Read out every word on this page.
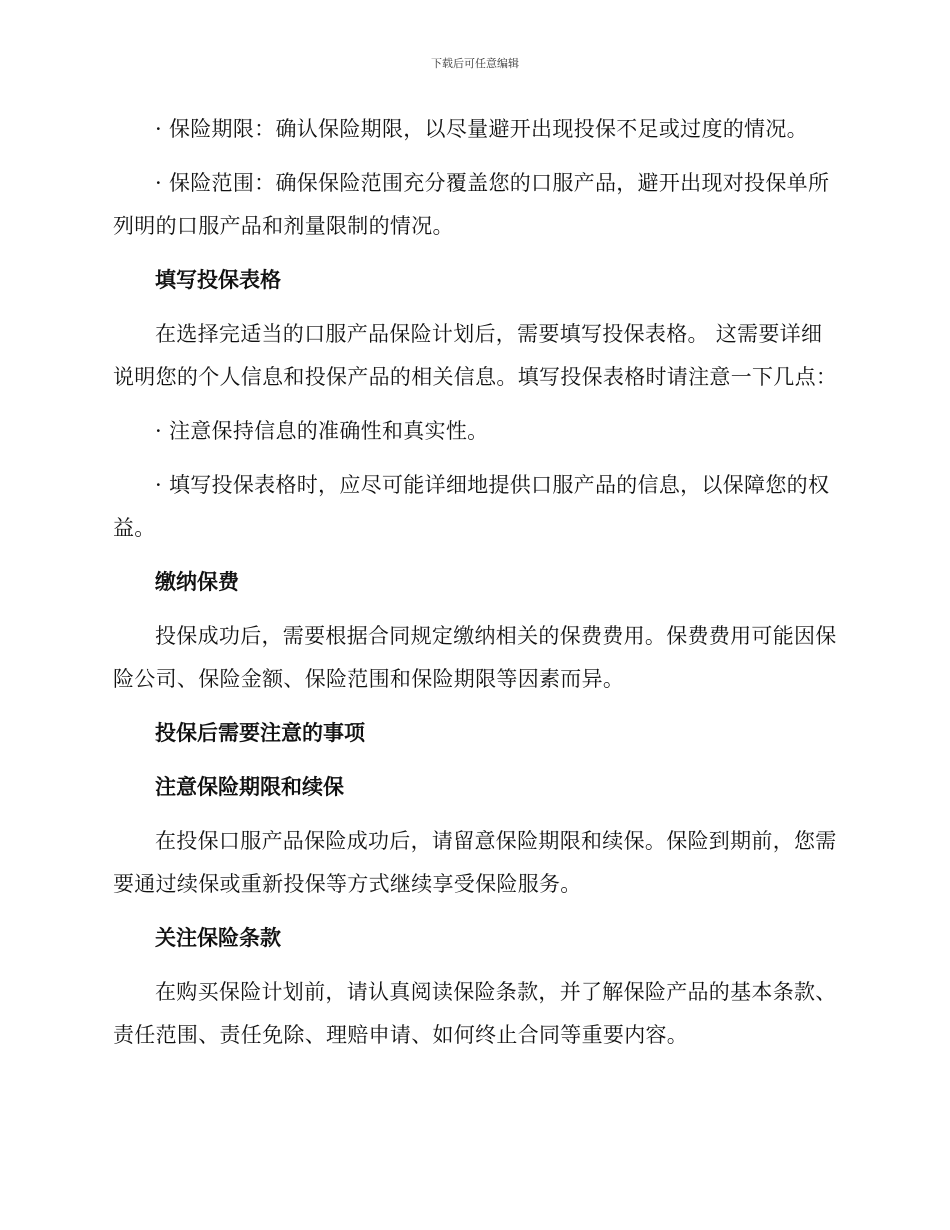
下载后可任意编辑

· 保险期限：确认保险期限，以尽量避开出现投保不足或过度的情况。

· 保险范围：确保保险范围充分覆盖您的口服产品，避开出现对投保单所列明的口服产品和剂量限制的情况。

填写投保表格

在选择完适当的口服产品保险计划后，需要填写投保表格。 这需要详细说明您的个人信息和投保产品的相关信息。填写投保表格时请注意一下几点：

· 注意保持信息的准确性和真实性。

· 填写投保表格时，应尽可能详细地提供口服产品的信息，以保障您的权益。

缴纳保费

投保成功后，需要根据合同规定缴纳相关的保费费用。保费费用可能因保险公司、保险金额、保险范围和保险期限等因素而异。

投保后需要注意的事项
注意保险期限和续保

在投保口服产品保险成功后，请留意保险期限和续保。保险到期前，您需要通过续保或重新投保等方式继续享受保险服务。

关注保险条款

在购买保险计划前，请认真阅读保险条款，并了解保险产品的基本条款、责任范围、责任免除、理赔申请、如何终止合同等重要内容。
